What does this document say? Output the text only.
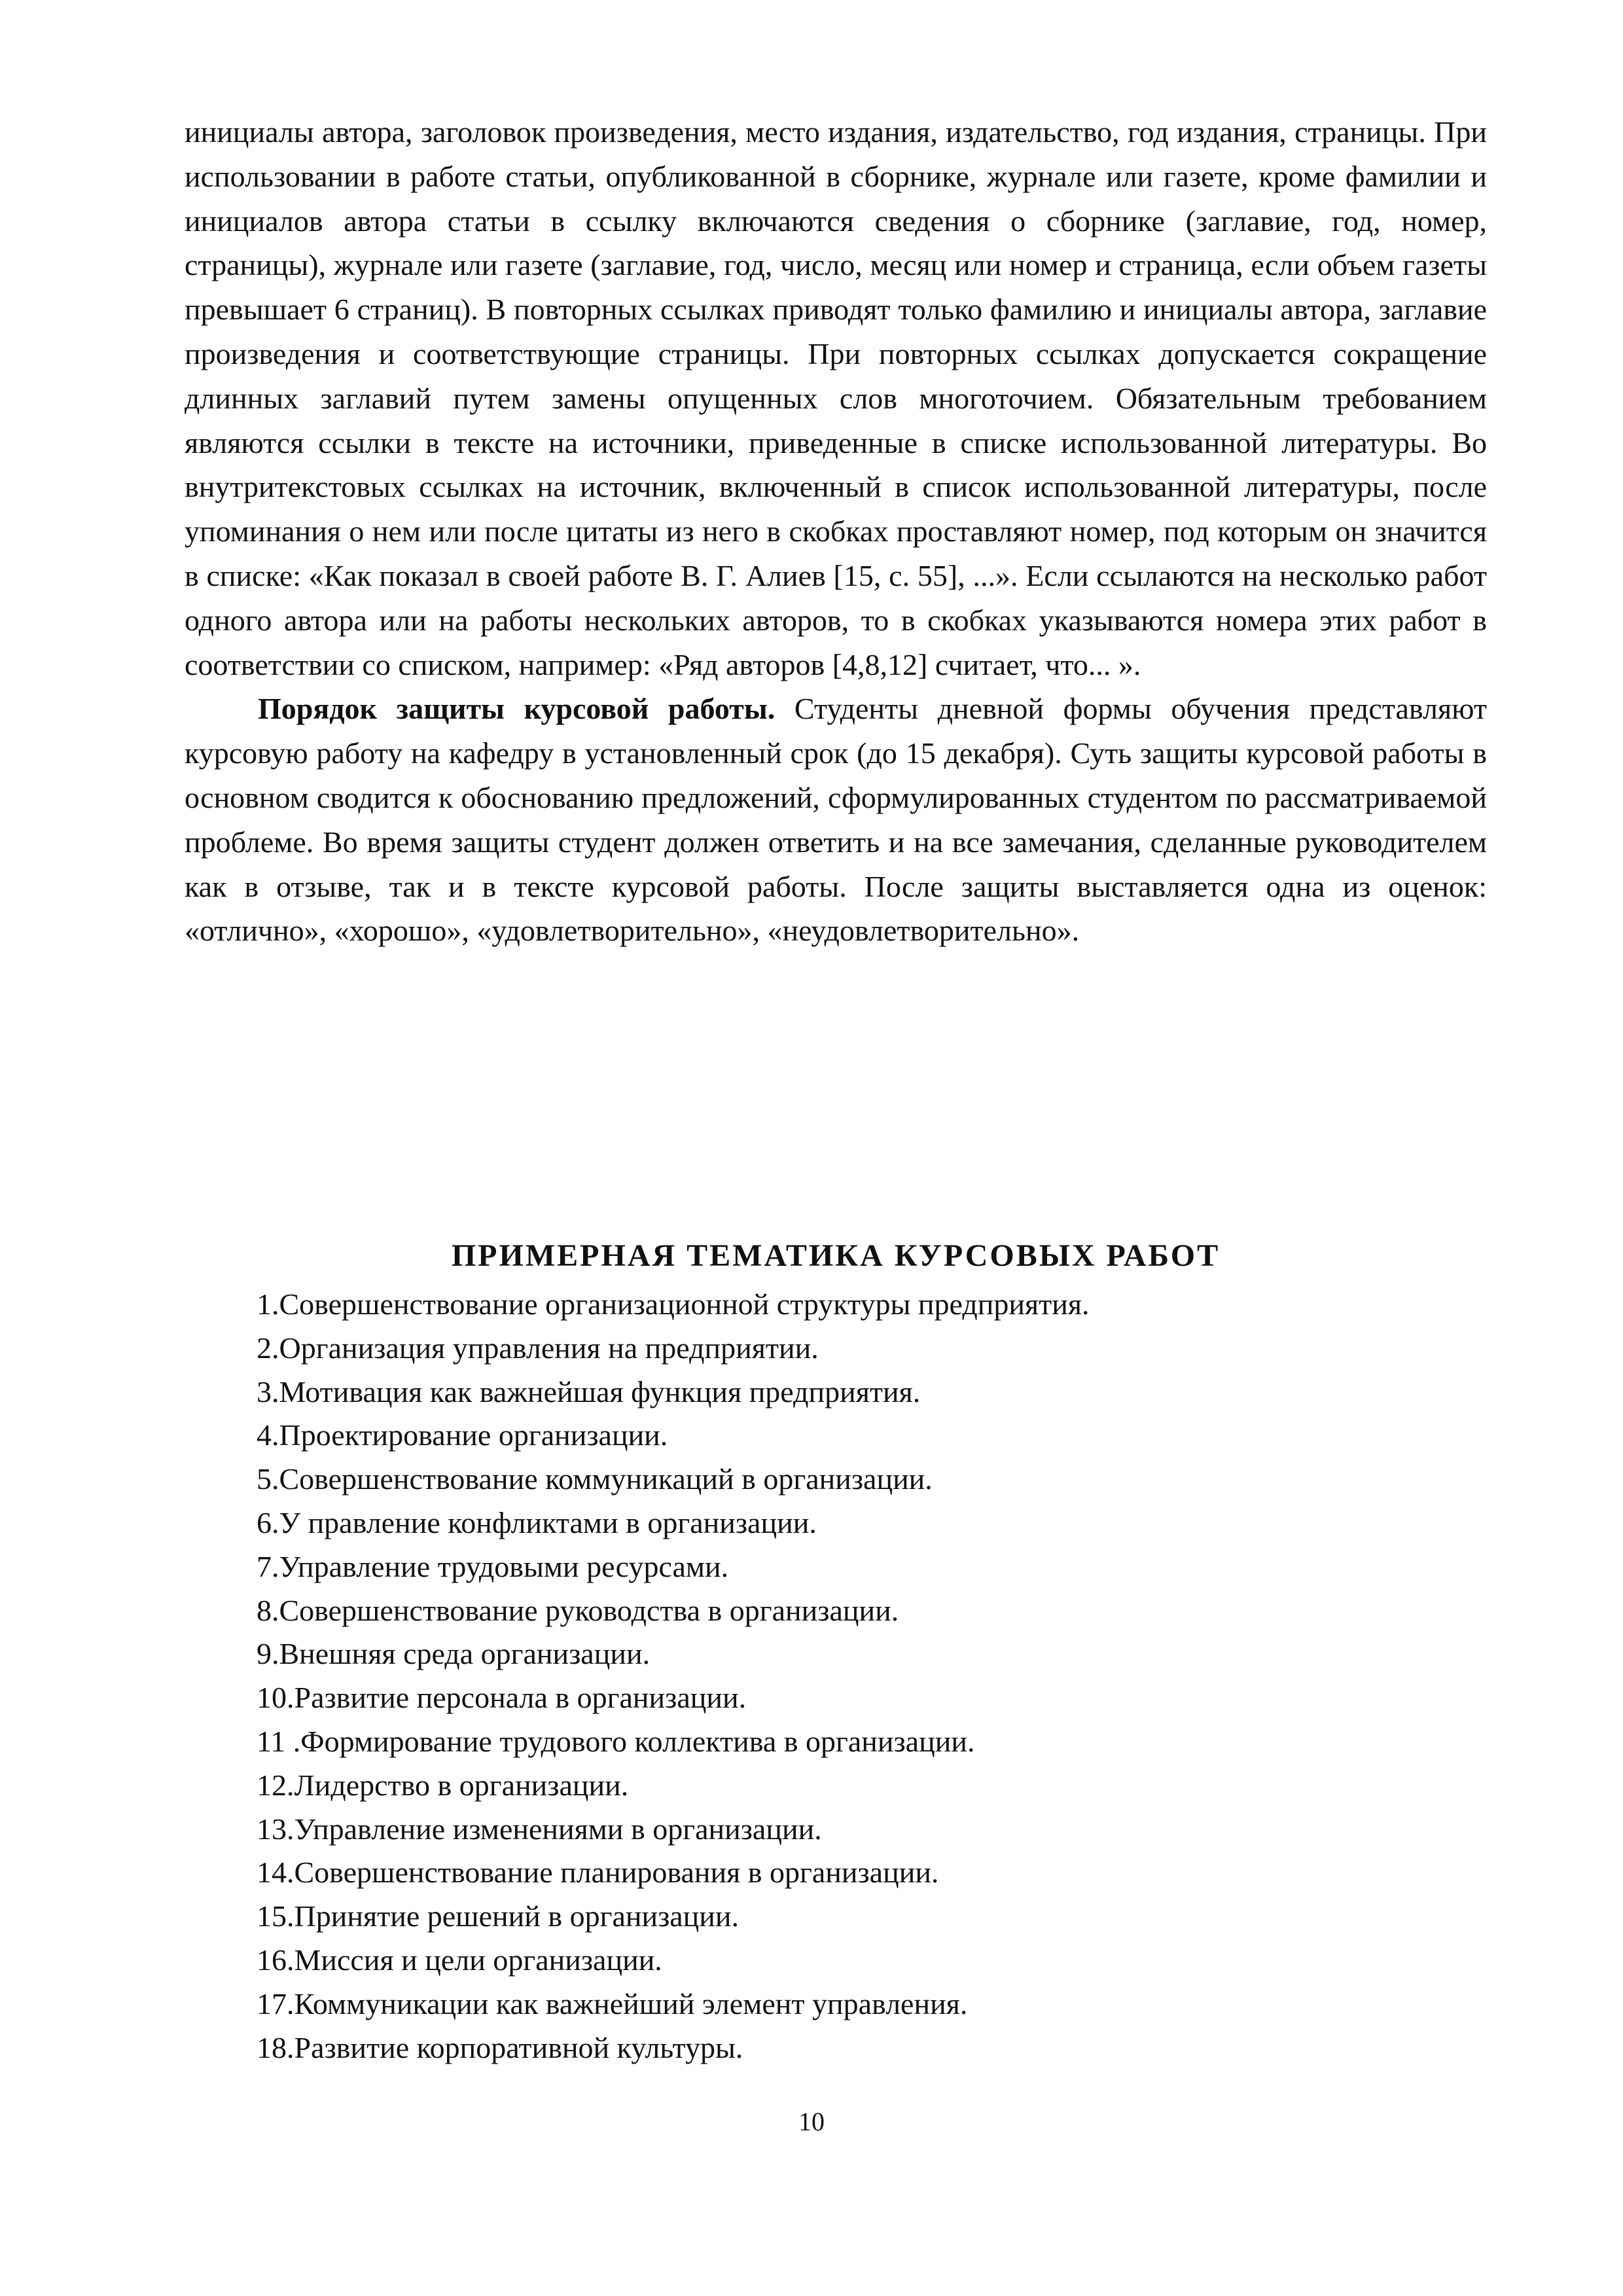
инициалы автора, заголовок произведения, место издания, издательство, год издания, страницы. При использовании в работе статьи, опубликованной в сборнике, журнале или газете, кроме фамилии и инициалов автора статьи в ссылку включаются сведения о сборнике (заглавие, год, номер, страницы), журнале или газете (заглавие, год, число, месяц или номер и страница, если объем газеты превышает 6 страниц). В повторных ссылках приводят только фамилию и инициалы автора, заглавие произведения и соответствующие страницы. При повторных ссылках допускается сокращение длинных заглавий путем замены опущенных слов многоточием. Обязательным требованием являются ссылки в тексте на источники, приведенные в списке использованной литературы. Во внутритекстовых ссылках на источник, включенный в список использованной литературы, после упоминания о нем или после цитаты из него в скобках проставляют номер, под которым он значится в списке: «Как показал в своей работе В. Г. Алиев [15, с. 55], ...». Если ссылаются на несколько работ одного автора или на работы нескольких авторов, то в скобках указываются номера этих работ в соответствии со списком, например: «Ряд авторов [4,8,12] считает, что... ».

Порядок защиты курсовой работы. Студенты дневной формы обучения представляют курсовую работу на кафедру в установленный срок (до 15 декабря). Суть защиты курсовой работы в основном сводится к обоснованию предложений, сформулированных студентом по рассматриваемой проблеме. Во время защиты студент должен ответить и на все замечания, сделанные руководителем как в отзыве, так и в тексте курсовой работы. После защиты выставляется одна из оценок: «отлично», «хорошо», «удовлетворительно», «неудовлетворительно».

ПРИМЕРНАЯ ТЕМАТИКА КУРСОВЫХ РАБОТ
1.Совершенствование организационной структуры предприятия.
2.Организация управления на предприятии.
3.Мотивация как важнейшая функция предприятия.
4.Проектирование организации.
5.Совершенствование коммуникаций в организации.
6.У правление конфликтами в организации.
7.Управление трудовыми ресурсами.
8.Совершенствование руководства в организации.
9.Внешняя среда организации.
10.Развитие персонала в организации.
11 .Формирование трудового коллектива в организации.
12.Лидерство в организации.
13.Управление изменениями в организации.
14.Совершенствование планирования в организации.
15.Принятие решений в организации.
16.Миссия и цели организации.
17.Коммуникации как важнейший элемент управления.
18.Развитие корпоративной культуры.
10
